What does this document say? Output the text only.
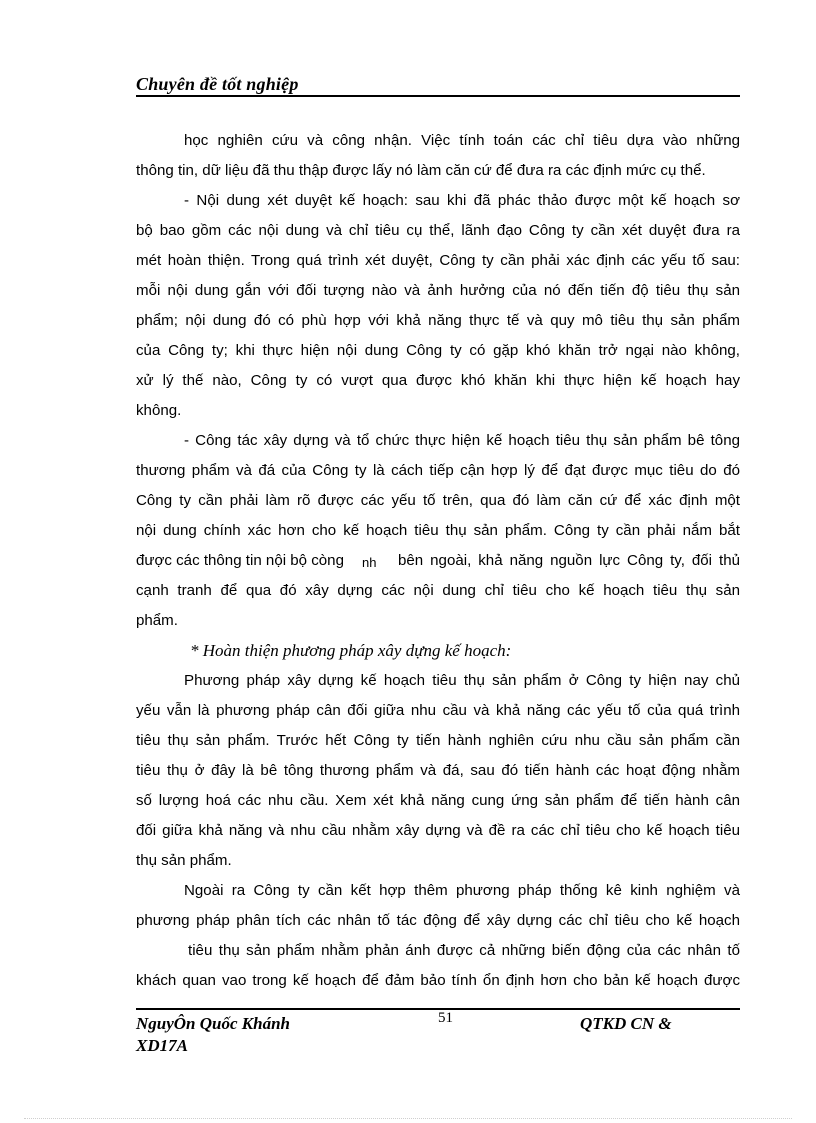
Chuyên đề tốt nghiệp
học nghiên cứu và công nhận. Việc tính toán các chỉ tiêu dựa vào những
thông tin, dữ liệu đã thu thập được lấy nó làm căn cứ để đưa ra các định mức cụ thể.
- Nội dung xét duyệt kế hoạch: sau khi đã phác thảo được một kế hoạch sơ
bộ bao gồm các nội dung và chỉ tiêu cụ thể, lãnh đạo Công ty cần xét duyệt đưa ra
mét hoàn thiện. Trong quá trình xét duyệt, Công ty cần phải xác định các yếu tố sau:
mỗi nội dung gắn với đối tượng nào và ảnh hưởng của nó đến tiến độ tiêu thụ sản
phẩm; nội dung đó có phù hợp với khả năng thực tế và quy mô tiêu thụ sản phẩm
của Công ty; khi thực hiện nội dung Công ty có gặp khó khăn trở ngại nào không,
xử lý thế nào, Công ty có vượt qua được khó khăn khi thực hiện kế hoạch hay
không.
- Công tác xây dựng và tổ chức thực hiện kế hoạch tiêu thụ sản phẩm bê tông
thương phẩm và đá của Công ty là cách tiếp cận hợp lý để đạt được mục tiêu do đó
Công ty cần phải làm rõ được các yếu tố trên, qua đó làm căn cứ để xác định một
nội dung chính xác hơn cho kế hoạch tiêu thụ sản phẩm. Công ty cần phải nắm bắt
được các thông tin nội bộ còng nh bên ngoài, khả năng nguồn lực Công ty, đối thủ
cạnh tranh để qua đó xây dựng các nội dung chỉ tiêu cho kế hoạch tiêu thụ sản
phẩm.
* Hoàn thiện phương pháp xây dựng kế hoạch:
Phương pháp xây dựng kế hoạch tiêu thụ sản phẩm ở Công ty hiện nay chủ
yếu vẫn là phương pháp cân đối giữa nhu cầu và khả năng các yếu tố của quá trình
tiêu thụ sản phẩm. Trước hết Công ty tiến hành nghiên cứu nhu cầu sản phẩm cần
tiêu thụ ở đây là bê tông thương phẩm và đá, sau đó tiến hành các hoạt động nhằm
số lượng hoá các nhu cầu. Xem xét khả năng cung ứng sản phẩm để tiến hành cân
đối giữa khả năng và nhu cầu nhằm xây dựng và đề ra các chỉ tiêu cho kế hoạch tiêu
thụ sản phẩm.
Ngoài ra Công ty cần kết hợp thêm phương pháp thống kê kinh nghiệm và
phương pháp phân tích các nhân tố tác động để xây dựng các chỉ tiêu cho kế hoạch
tiêu thụ sản phẩm nhằm phản ánh được cả những biến động của các nhân tố
khách quan vao trong kế hoạch để đảm bảo tính ổn định hơn cho bản kế hoạch được
NguyÔn Quốc Khánh	51	QTKD CN &
XD17A
